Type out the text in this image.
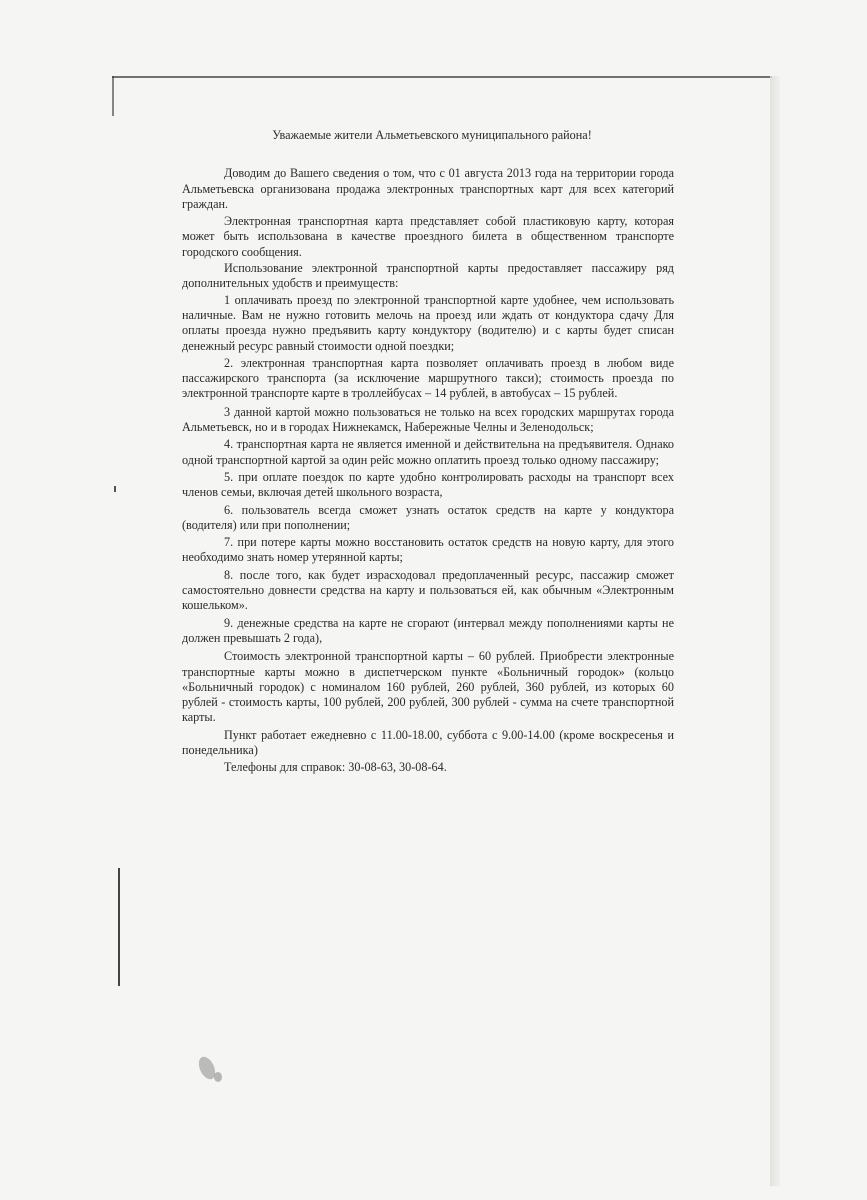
Уважаемые жители Альметьевского муниципального района!

Доводим до Вашего сведения о том, что с 01 августа 2013 года на территории города Альметьевска организована продажа электронных транспортных карт для всех категорий граждан.

Электронная транспортная карта представляет собой пластиковую карту, которая может быть использована в качестве проездного билета в общественном транспорте городского сообщения.

Использование электронной транспортной карты предоставляет пассажиру ряд дополнительных удобств и преимуществ:

1 оплачивать проезд по электронной транспортной карте удобнее, чем использовать наличные. Вам не нужно готовить мелочь на проезд или ждать от кондуктора сдачу Для оплаты проезда нужно предъявить карту кондуктору (водителю) и с карты будет списан денежный ресурс равный стоимости одной поездки;

2. электронная транспортная карта позволяет оплачивать проезд в любом виде пассажирского транспорта (за исключение маршрутного такси); стоимость проезда по электронной транспорте карте в троллейбусах – 14 рублей, в автобусах – 15 рублей.

3 данной картой можно пользоваться не только на всех городских маршрутах города Альметьевск, но и в городах Нижнекамск, Набережные Челны и Зеленодольск;

4. транспортная карта не является именной и действительна на предъявителя. Однако одной транспортной картой за один рейс можно оплатить проезд только одному пассажиру;

5. при оплате поездок по карте удобно контролировать расходы на транспорт всех членов семьи, включая детей школьного возраста,

6. пользователь всегда сможет узнать остаток средств на карте у кондуктора (водителя) или при пополнении;

7. при потере карты можно восстановить остаток средств на новую карту, для этого необходимо знать номер утерянной карты;

8. после того, как будет израсходовал предоплаченный ресурс, пассажир сможет самостоятельно довнести средства на карту и пользоваться ей, как обычным «Электронным кошельком».

9. денежные средства на карте не сгорают (интервал между пополнениями карты не должен превышать 2 года),

Стоимость электронной транспортной карты – 60 рублей. Приобрести электронные транспортные карты можно в диспетчерском пункте «Больничный городок» (кольцо «Больничный городок) с номиналом 160 рублей, 260 рублей, 360 рублей, из которых 60 рублей - стоимость карты, 100 рублей, 200 рублей, 300 рублей - сумма на счете транспортной карты.

Пункт работает ежедневно с 11.00-18.00, суббота с 9.00-14.00 (кроме воскресенья и понедельника)

Телефоны для справок: 30-08-63, 30-08-64.
